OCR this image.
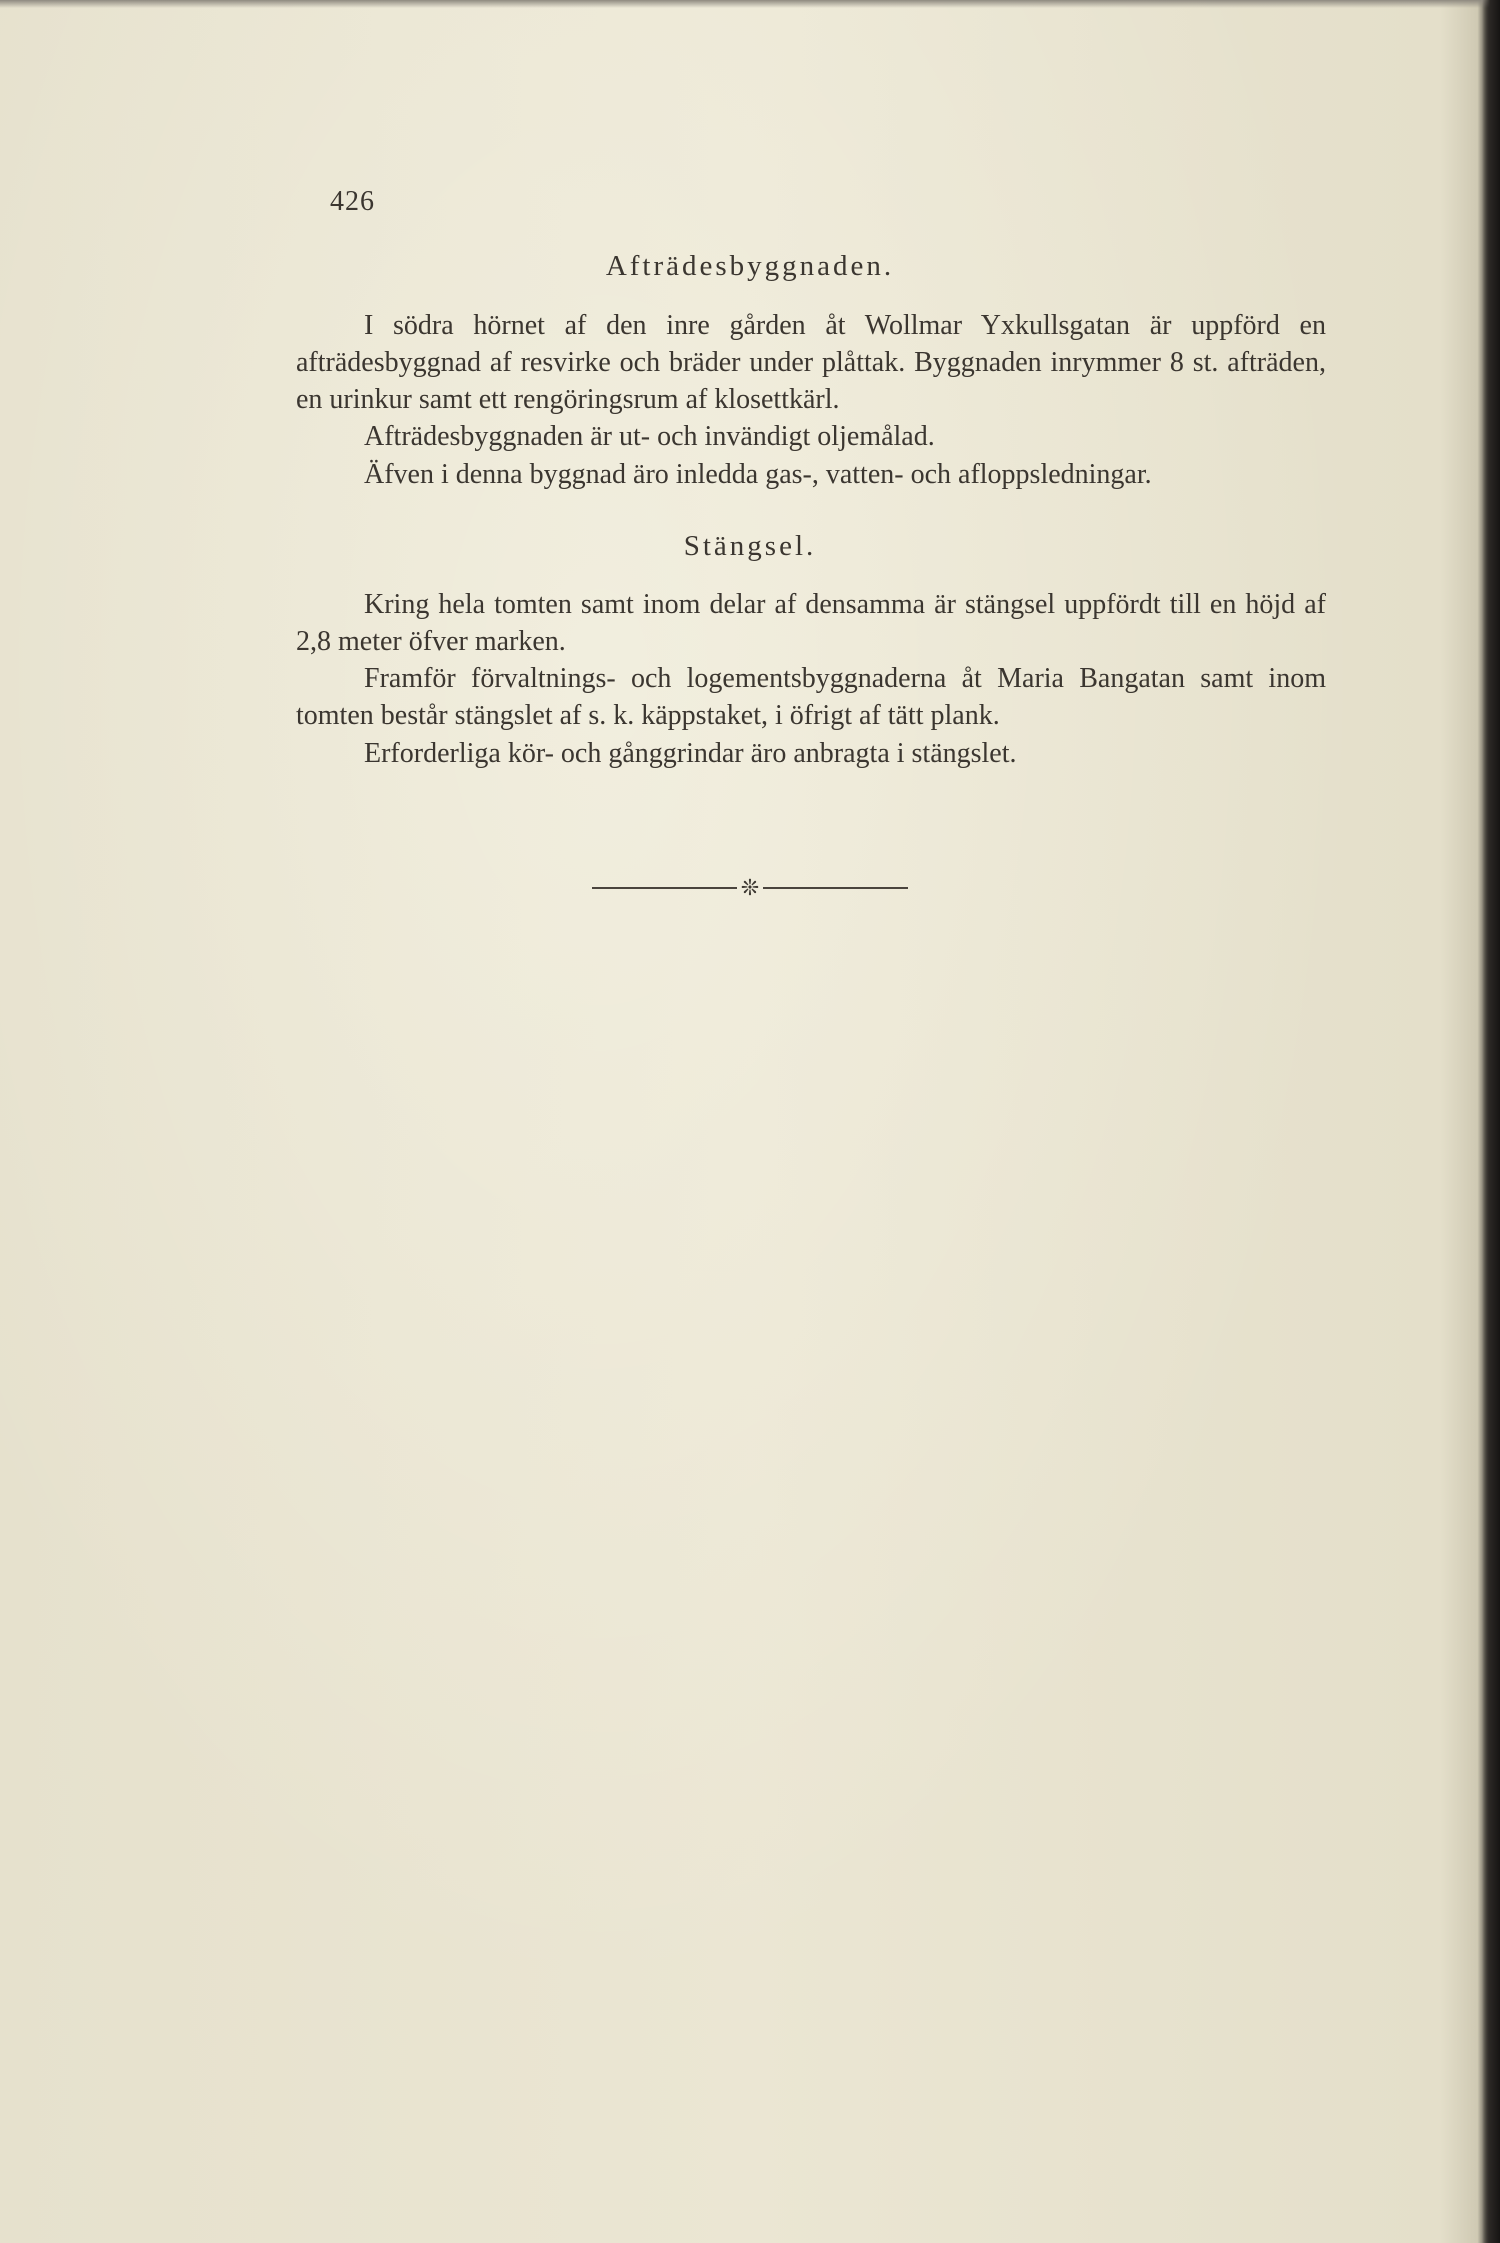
426
Afträdesbyggnaden.

I södra hörnet af den inre gården åt Wollmar Yxkullsgatan är uppförd en afträdesbyggnad af resvirke och bräder under plåttak. Byggnaden inrymmer 8 st. afträden, en urinkur samt ett rengöringsrum af klosettkärl.

Afträdesbyggnaden är ut- och invändigt oljemålad.

Äfven i denna byggnad äro inledda gas-, vatten- och afloppsledningar.

Stängsel.

Kring hela tomten samt inom delar af densamma är stängsel uppfördt till en höjd af 2,8 meter öfver marken.

Framför förvaltnings- och logementsbyggnaderna åt Maria Bangatan samt inom tomten består stängslet af s. k. käppstaket, i öfrigt af tätt plank.

Erforderliga kör- och gånggrindar äro anbragta i stängslet.

❊
